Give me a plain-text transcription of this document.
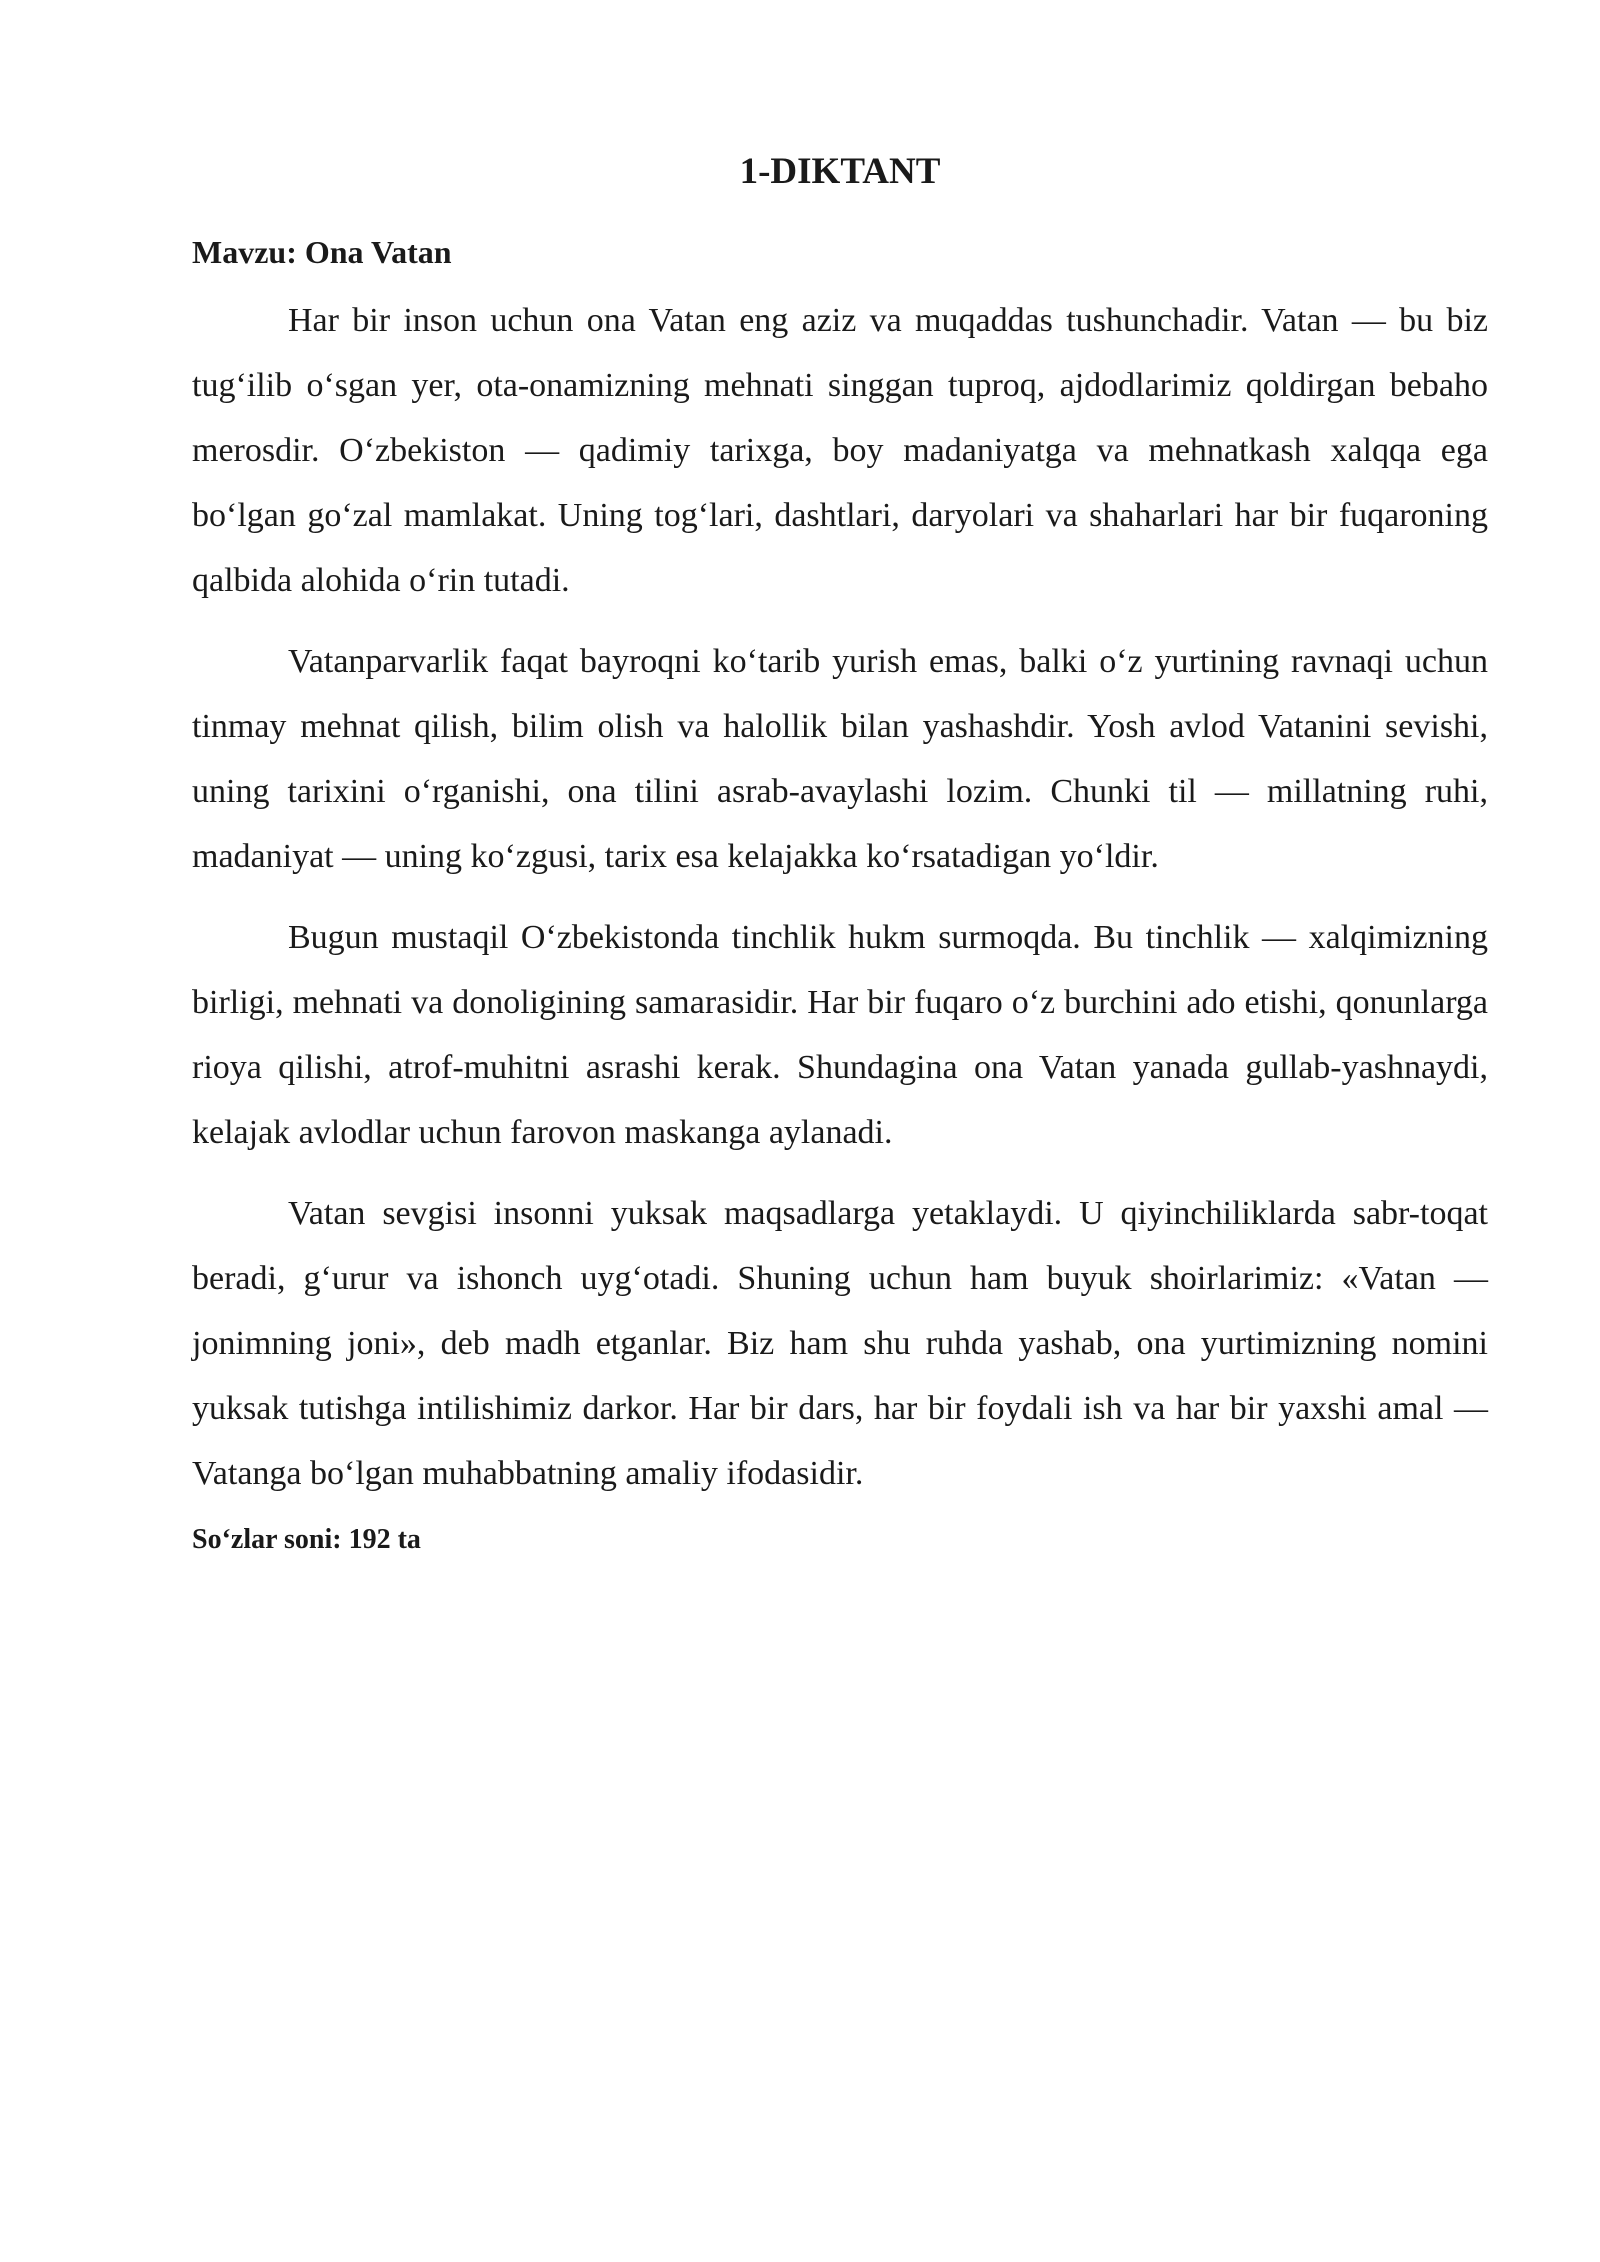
1-DIKTANT
Mavzu: Ona Vatan

Har bir inson uchun ona Vatan eng aziz va muqaddas tushunchadir. Vatan — bu biz tug‘ilib o‘sgan yer, ota-onamizning mehnati singgan tuproq, ajdodlarimiz qoldirgan bebaho merosdir. O‘zbekiston — qadimiy tarixga, boy madaniyatga va mehnatkash xalqqa ega bo‘lgan go‘zal mamlakat. Uning tog‘lari, dashtlari, daryolari va shaharlari har bir fuqaroning qalbida alohida o‘rin tutadi.

Vatanparvarlik faqat bayroqni ko‘tarib yurish emas, balki o‘z yurtining ravnaqi uchun tinmay mehnat qilish, bilim olish va halollik bilan yashashdir. Yosh avlod Vatanini sevishi, uning tarixini o‘rganishi, ona tilini asrab-avaylashi lozim. Chunki til — millatning ruhi, madaniyat — uning ko‘zgusi, tarix esa kelajakka ko‘rsatadigan yo‘ldir.

Bugun mustaqil O‘zbekistonda tinchlik hukm surmoqda. Bu tinchlik — xalqimizning birligi, mehnati va donoligining samarasidir. Har bir fuqaro o‘z burchini ado etishi, qonunlarga rioya qilishi, atrof-muhitni asrashi kerak. Shundagina ona Vatan yanada gullab-yashnaydi, kelajak avlodlar uchun farovon maskanga aylanadi.

Vatan sevgisi insonni yuksak maqsadlarga yetaklaydi. U qiyinchiliklarda sabr-toqat beradi, g‘urur va ishonch uyg‘otadi. Shuning uchun ham buyuk shoirlarimiz: «Vatan — jonimning joni», deb madh etganlar. Biz ham shu ruhda yashab, ona yurtimizning nomini yuksak tutishga intilishimiz darkor. Har bir dars, har bir foydali ish va har bir yaxshi amal — Vatanga bo‘lgan muhabbatning amaliy ifodasidir.

So‘zlar soni: 192 ta
